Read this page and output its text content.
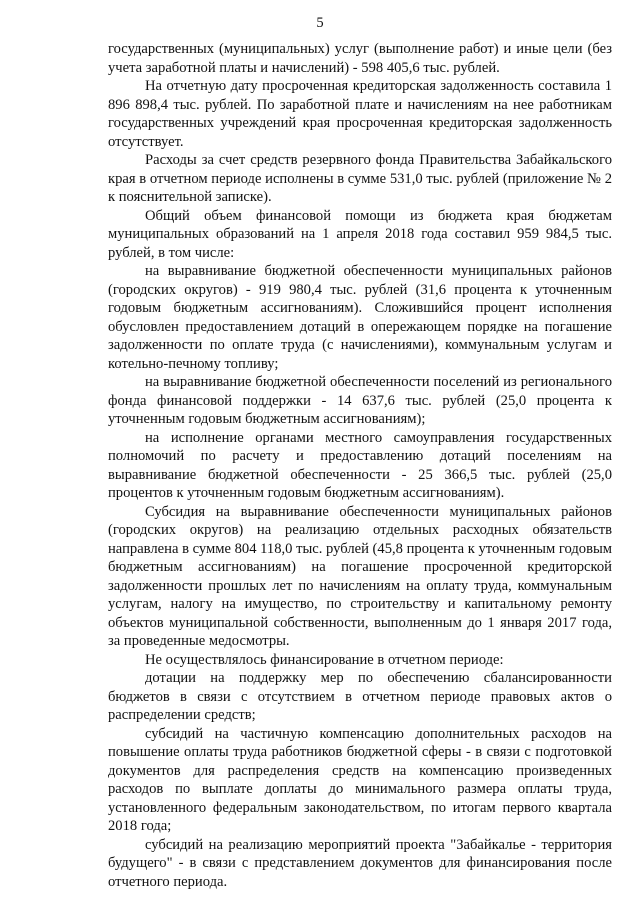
5

государственных (муниципальных) услуг (выполнение работ) и иные цели (без учета заработной платы и начислений) - 598 405,6 тыс. рублей.

На отчетную дату просроченная кредиторская задолженность составила 1 896 898,4 тыс. рублей. По заработной плате и начислениям на нее работникам государственных учреждений края просроченная кредиторская задолженность отсутствует.

Расходы за счет средств резервного фонда Правительства Забайкальского края в отчетном периоде исполнены в сумме 531,0 тыс. рублей (приложение № 2 к пояснительной записке).

Общий объем финансовой помощи из бюджета края бюджетам муниципальных образований на 1 апреля 2018 года составил 959 984,5 тыс. рублей, в том числе:

на выравнивание бюджетной обеспеченности муниципальных районов (городских округов) - 919 980,4 тыс. рублей (31,6 процента к уточненным годовым бюджетным ассигнованиям). Сложившийся процент исполнения обусловлен предоставлением дотаций в опережающем порядке на погашение задолженности по оплате труда (с начислениями), коммунальным услугам и котельно-печному топливу;

на выравнивание бюджетной обеспеченности поселений из регионального фонда финансовой поддержки - 14 637,6 тыс. рублей (25,0 процента к уточненным годовым бюджетным ассигнованиям);

на исполнение органами местного самоуправления государственных полномочий по расчету и предоставлению дотаций поселениям на выравнивание бюджетной обеспеченности - 25 366,5 тыс. рублей (25,0 процентов к уточненным годовым бюджетным ассигнованиям).

Субсидия на выравнивание обеспеченности муниципальных районов (городских округов) на реализацию отдельных расходных обязательств направлена в сумме 804 118,0 тыс. рублей (45,8 процента к уточненным годовым бюджетным ассигнованиям) на погашение просроченной кредиторской задолженности прошлых лет по начислениям на оплату труда, коммунальным услугам, налогу на имущество, по строительству и капитальному ремонту объектов муниципальной собственности, выполненным до 1 января 2017 года, за проведенные медосмотры.

Не осуществлялось финансирование в отчетном периоде:

дотации на поддержку мер по обеспечению сбалансированности бюджетов в связи с отсутствием в отчетном периоде правовых актов о распределении средств;

субсидий на частичную компенсацию дополнительных расходов на повышение оплаты труда работников бюджетной сферы - в связи с подготовкой документов для распределения средств на компенсацию произведенных расходов по выплате доплаты до минимального размера оплаты труда, установленного федеральным законодательством, по итогам первого квартала 2018 года;

субсидий на реализацию мероприятий проекта "Забайкалье - территория будущего" - в связи с представлением документов для финансирования после отчетного периода.
